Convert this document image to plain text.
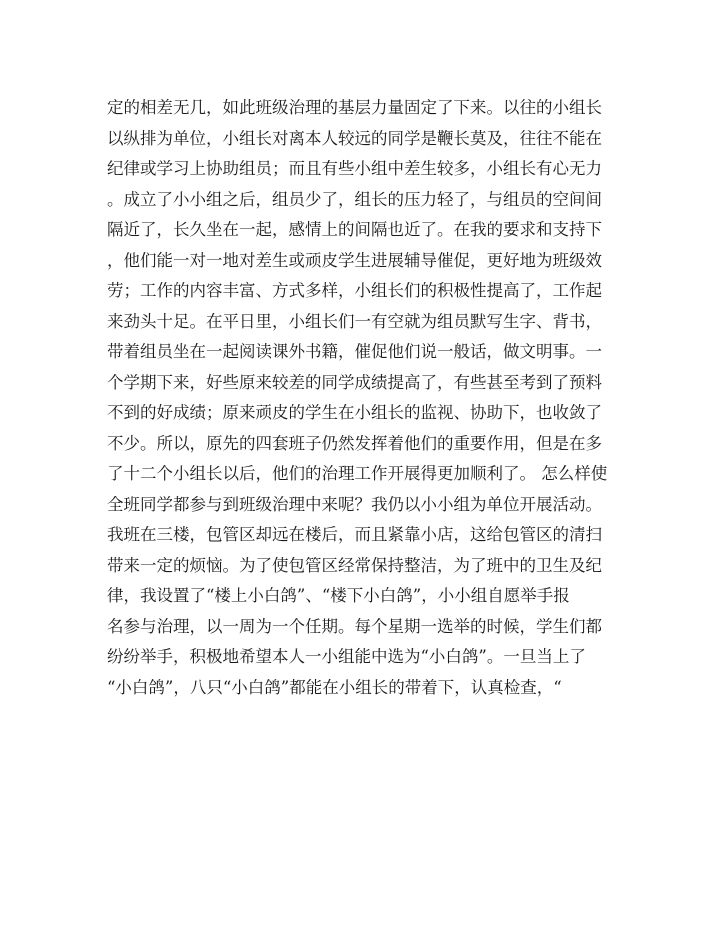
定的相差无几，如此班级治理的基层力量固定了下来。以往的小组长
以纵排为单位，小组长对离本人较远的同学是鞭长莫及，往往不能在
纪律或学习上协助组员；而且有些小组中差生较多，小组长有心无力
。成立了小小组之后，组员少了，组长的压力轻了，与组员的空间间
隔近了，长久坐在一起，感情上的间隔也近了。在我的要求和支持下
，他们能一对一地对差生或顽皮学生进展辅导催促，更好地为班级效
劳；工作的内容丰富、方式多样，小组长们的积极性提高了，工作起
来劲头十足。在平日里，小组长们一有空就为组员默写生字、背书，
带着组员坐在一起阅读课外书籍，催促他们说一般话，做文明事。一
个学期下来，好些原来较差的同学成绩提高了，有些甚至考到了预料
不到的好成绩；原来顽皮的学生在小组长的监视、协助下，也收敛了
不少。所以，原先的四套班子仍然发挥着他们的重要作用，但是在多
了十二个小组长以后，他们的治理工作开展得更加顺利了。 怎么样使
全班同学都参与到班级治理中来呢？我仍以小小组为单位开展活动。
我班在三楼，包管区却远在楼后，而且紧靠小店，这给包管区的清扫
带来一定的烦恼。为了使包管区经常保持整洁，为了班中的卫生及纪
律，我设置了“楼上小白鸽”、“楼下小白鸽”，小小组自愿举手报
名参与治理，以一周为一个任期。每个星期一选举的时候，学生们都
纷纷举手，积极地希望本人一小组能中选为“小白鸽”。一旦当上了
“小白鸽”，八只“小白鸽”都能在小组长的带着下，认真检查，“
